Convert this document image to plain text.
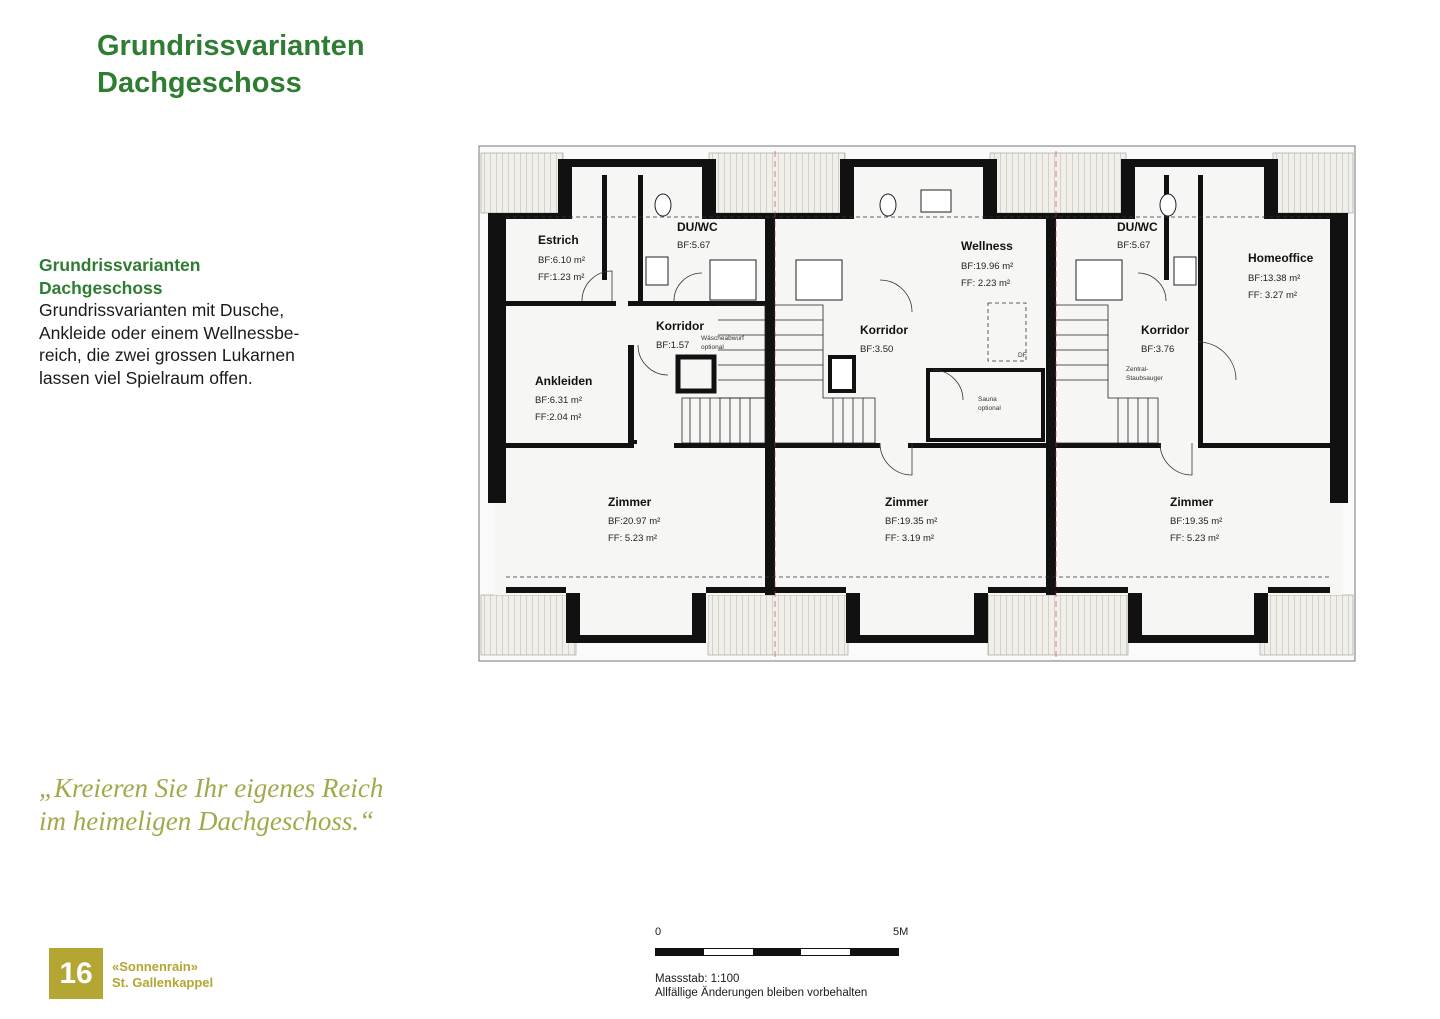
Grundrissvarianten
Dachgeschoss
Grundrissvarianten
Dachgeschoss
Grundrissvarianten mit Dusche,
Ankleide oder einem Wellnessbe-
reich, die zwei grossen Lukarnen
lassen viel Spielraum offen.
„Kreieren Sie Ihr eigenes Reich
im heimeligen Dachgeschoss.“
16	«Sonnenrain»
St. Gallenkappel
0	5M
Massstab: 1:100
Allfällige Änderungen bleiben vorbehalten
Estrich
BF:6.10 m²
FF:1.23 m²
DU/WC
BF:5.67
Korridor
BF:1.57
Wäscheabwurf
optional
Ankleiden
BF:6.31 m²
FF:2.04 m²
Zimmer
BF:20.97 m²
FF: 5.23 m²
Wellness
BF:19.96 m²
FF: 2.23 m²
DF
Korridor
BF:3.50
Sauna
optional
Zimmer
BF:19.35 m²
FF: 3.19 m²
DU/WC
BF:5.67
Homeoffice
BF:13.38 m²
FF: 3.27 m²
Korridor
BF:3.76
Zentral-
Staubsauger
Zimmer
BF:19.35 m²
FF: 5.23 m²
